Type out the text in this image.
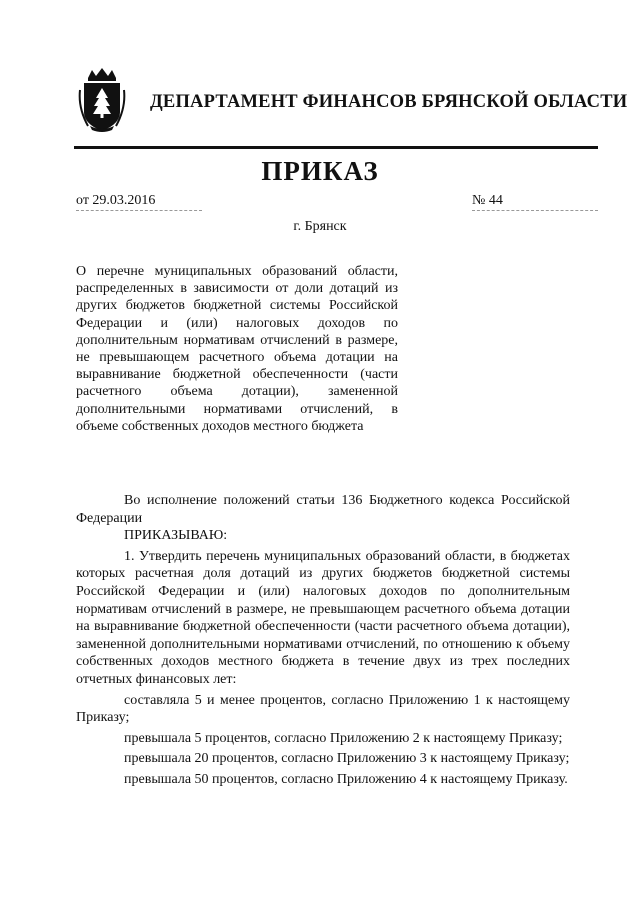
ДЕПАРТАМЕНТ ФИНАНСОВ БРЯНСКОЙ ОБЛАСТИ
ПРИКАЗ
от 29.03.2016	№ 44
г. Брянск
О перечне муниципальных образований области, распределенных в зависимости от доли дотаций из других бюджетов бюджетной системы Российской Федерации и (или) налоговых доходов по дополнительным нормативам отчислений в размере, не превышающем расчетного объема дотации на выравнивание бюджетной обеспеченности (части расчетного объема дотации), замененной дополнительными нормативами отчислений, в объеме собственных доходов местного бюджета

Во исполнение положений статьи 136 Бюджетного кодекса Российской Федерации

ПРИКАЗЫВАЮ:

1. Утвердить перечень муниципальных образований области, в бюджетах которых расчетная доля дотаций из других бюджетов бюджетной системы Российской Федерации и (или) налоговых доходов по дополнительным нормативам отчислений в размере, не превышающем расчетного объема дотации на выравнивание бюджетной обеспеченности (части расчетного объема дотации), замененной дополнительными нормативами отчислений, по отношению к объему собственных доходов местного бюджета в течение двух из трех последних отчетных финансовых лет:

составляла 5 и менее процентов, согласно Приложению 1 к настоящему Приказу;

превышала 5 процентов, согласно Приложению 2 к настоящему Приказу;

превышала 20 процентов, согласно Приложению 3 к настоящему Приказу;

превышала 50 процентов, согласно Приложению 4 к настоящему Приказу.
